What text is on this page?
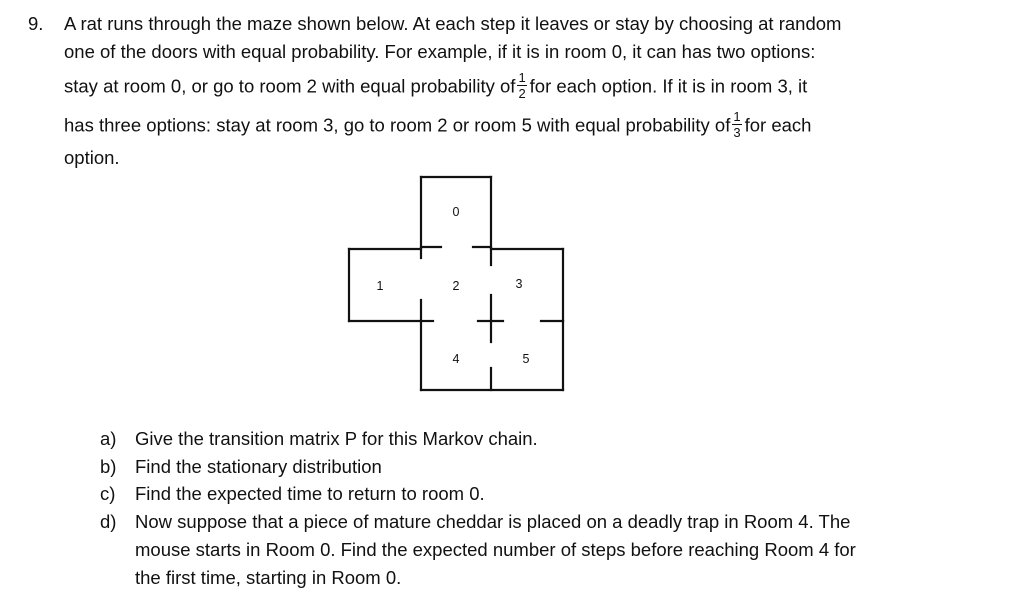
9. A rat runs through the maze shown below. At each step it leaves or stay by choosing at random
one of the doors with equal probability. For example, if it is in room 0, it can has two options:
stay at room 0, or go to room 2 with equal probability of $\frac{1}{2}$ for each option. If it is in room 3, it
has three options: stay at room 3, go to room 2 or room 5 with equal probability of $\frac{1}{3}$ for each
option.
0
1	2	3
4	5
a) Give the transition matrix P for this Markov chain.
b) Find the stationary distribution
c) Find the expected time to return to room 0.
d) Now suppose that a piece of mature cheddar is placed on a deadly trap in Room 4. The
mouse starts in Room 0. Find the expected number of steps before reaching Room 4 for
the first time, starting in Room 0.
